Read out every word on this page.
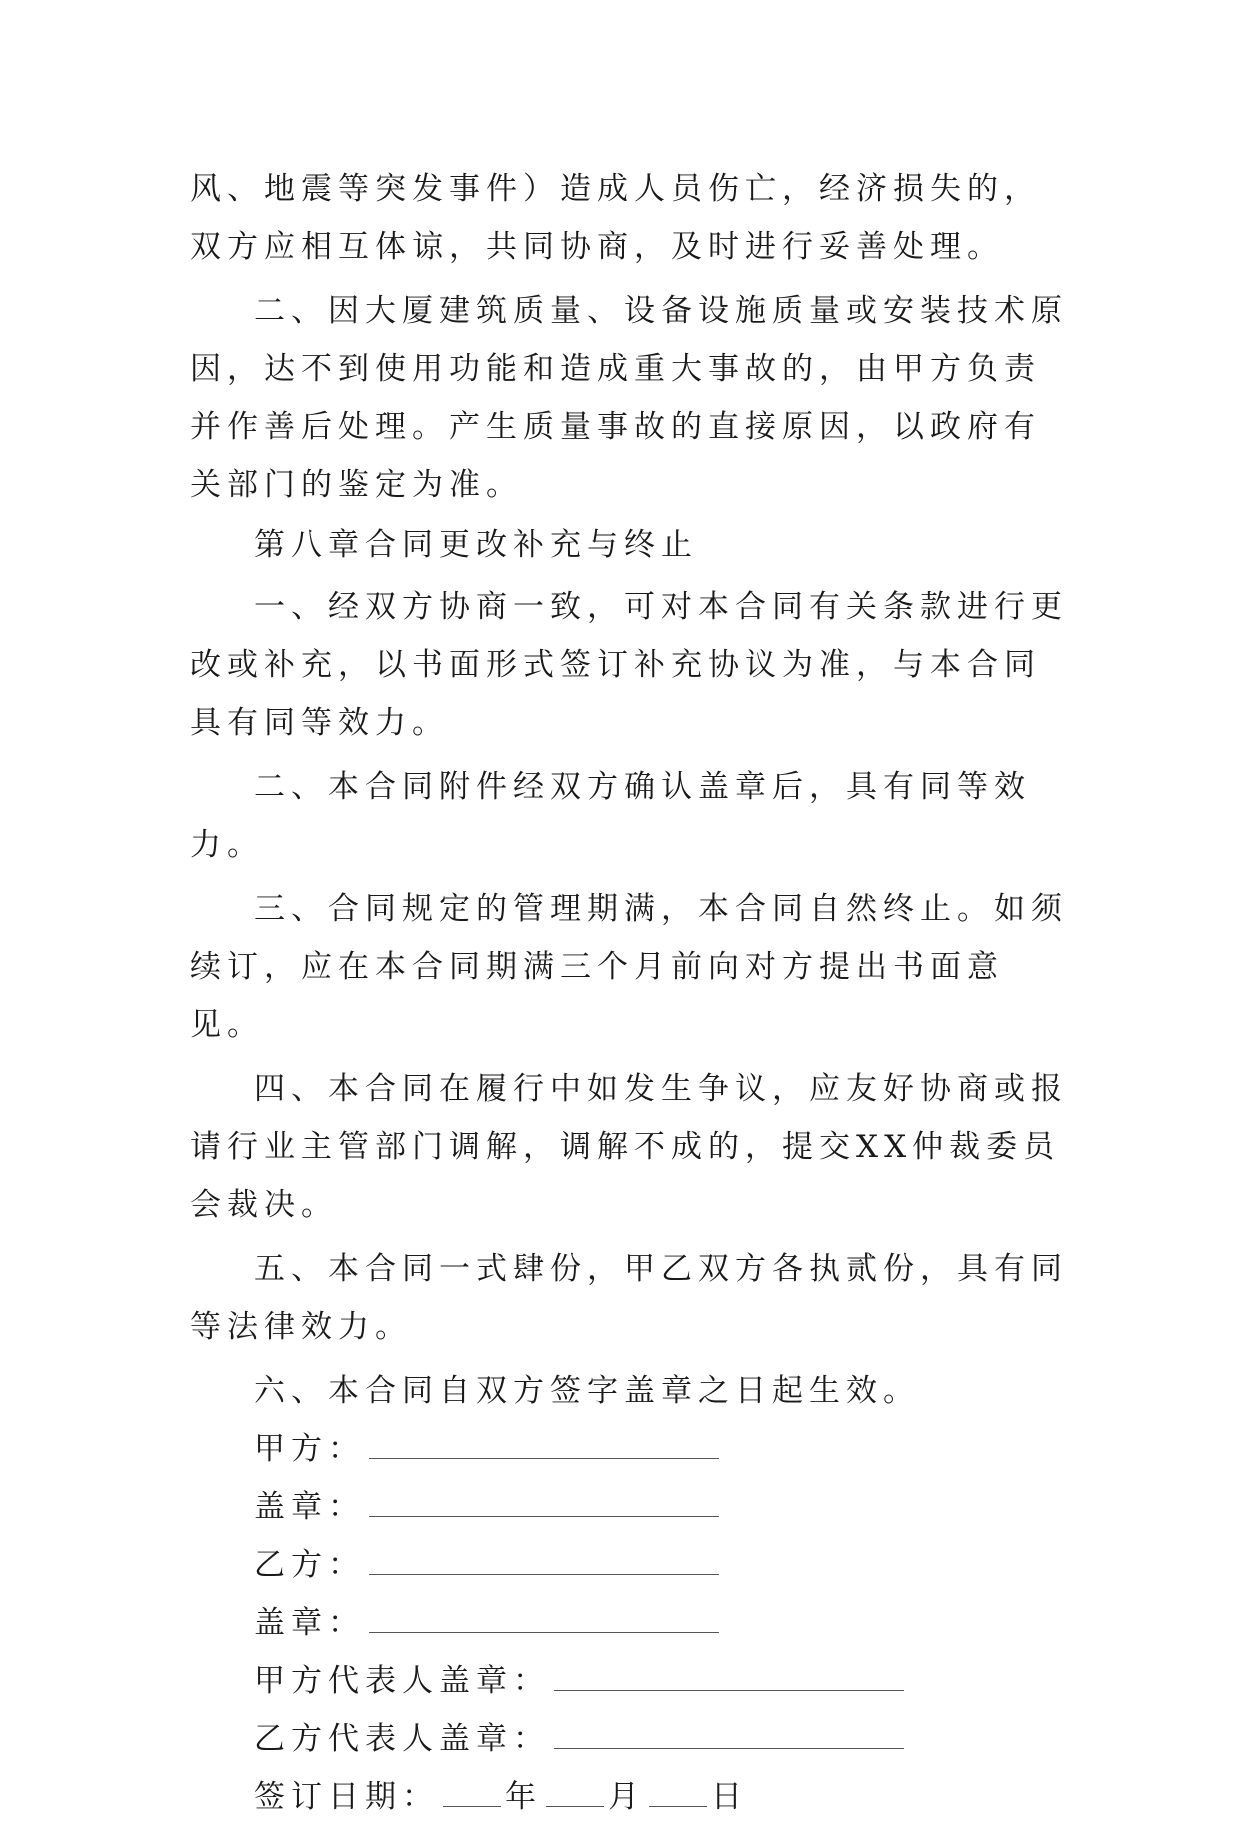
风、地震等突发事件）造成人员伤亡，经济损失的，双方应相互体谅，共同协商，及时进行妥善处理。

二、因大厦建筑质量、设备设施质量或安装技术原因，达不到使用功能和造成重大事故的，由甲方负责并作善后处理。产生质量事故的直接原因，以政府有关部门的鉴定为准。

第八章合同更改补充与终止

一、经双方协商一致，可对本合同有关条款进行更改或补充，以书面形式签订补充协议为准，与本合同具有同等效力。

二、本合同附件经双方确认盖章后，具有同等效力。

三、合同规定的管理期满，本合同自然终止。如须续订，应在本合同期满三个月前向对方提出书面意见。

四、本合同在履行中如发生争议，应友好协商或报请行业主管部门调解，调解不成的，提交XX仲裁委员会裁决。

五、本合同一式肆份，甲乙双方各执贰份，具有同等法律效力。

六、本合同自双方签字盖章之日起生效。

甲方：

盖章：

乙方：

盖章：

甲方代表人盖章：

乙方代表人盖章：

签订日期： 年 月 日
